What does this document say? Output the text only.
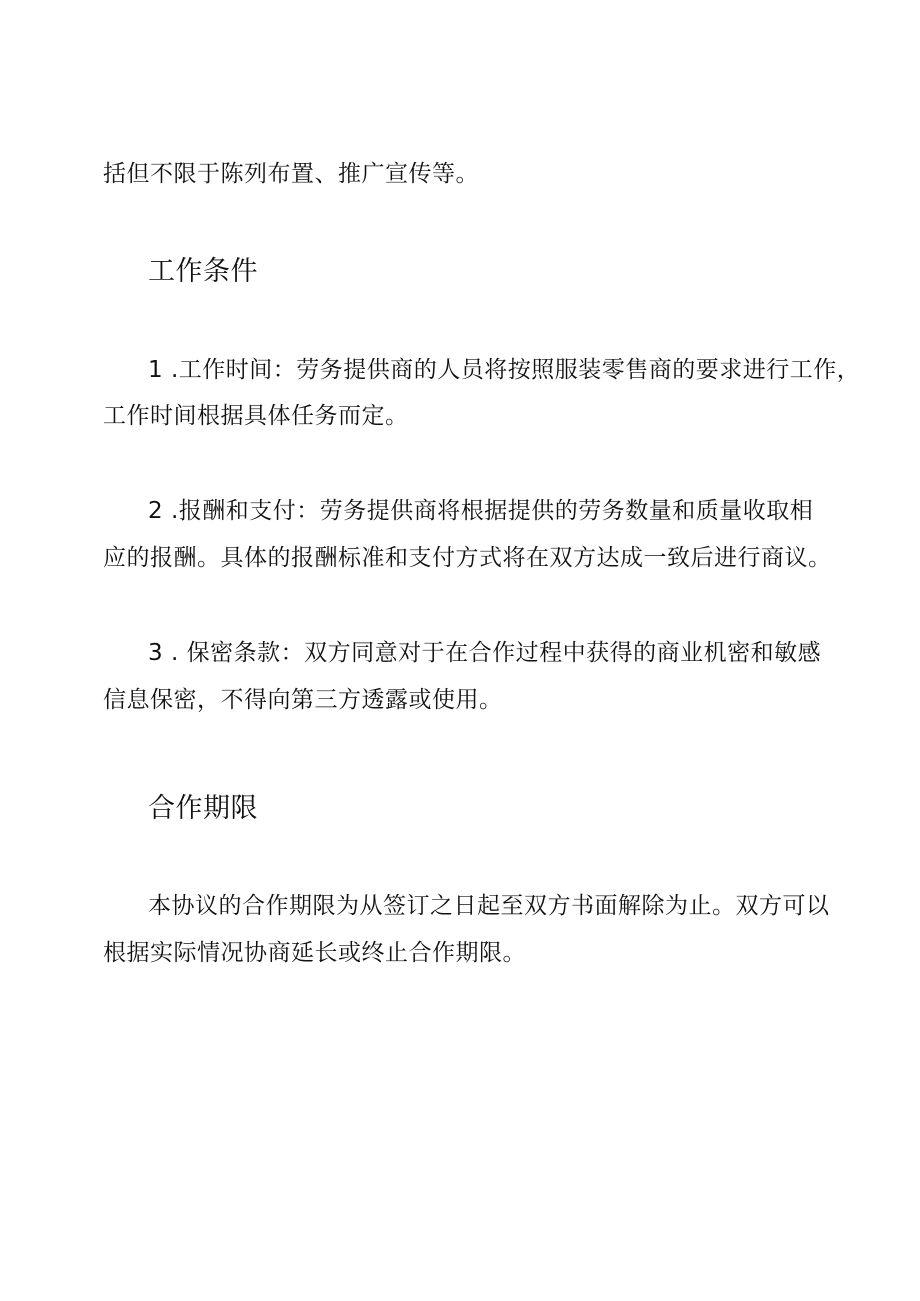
括但不限于陈列布置、推广宣传等。
工作条件
1 .工作时间：劳务提供商的人员将按照服装零售商的要求进行工作，
工作时间根据具体任务而定。
2 .报酬和支付：劳务提供商将根据提供的劳务数量和质量收取相
应的报酬。具体的报酬标准和支付方式将在双方达成一致后进行商议。
3 . 保密条款：双方同意对于在合作过程中获得的商业机密和敏感
信息保密，不得向第三方透露或使用。
合作期限
本协议的合作期限为从签订之日起至双方书面解除为止。双方可以
根据实际情况协商延长或终止合作期限。
